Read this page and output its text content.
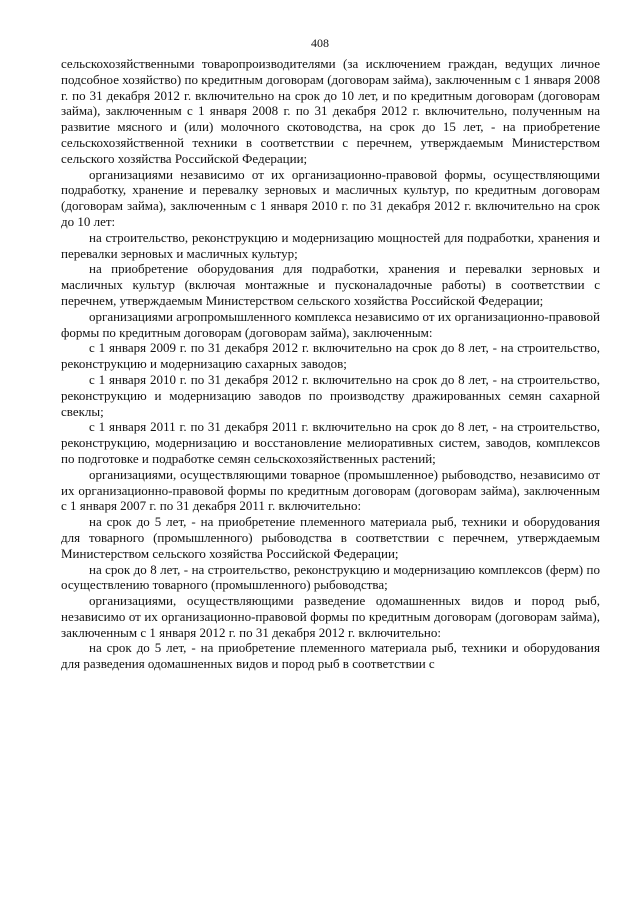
408

сельскохозяйственными товаропроизводителями (за исключением граждан, ведущих личное подсобное хозяйство) по кредитным договорам (договорам займа), заключенным с 1 января 2008 г. по 31 декабря 2012 г. включительно на срок до 10 лет, и по кредитным договорам (договорам займа), заключенным с 1 января 2008 г. по 31 декабря 2012 г. включительно, полученным на развитие мясного и (или) молочного скотоводства, на срок до 15 лет, - на приобретение сельскохозяйственной техники в соответствии с перечнем, утверждаемым Министерством сельского хозяйства Российской Федерации;

организациями независимо от их организационно-правовой формы, осуществляющими подработку, хранение и перевалку зерновых и масличных культур, по кредитным договорам (договорам займа), заключенным с 1 января 2010 г. по 31 декабря 2012 г. включительно на срок до 10 лет:

на строительство, реконструкцию и модернизацию мощностей для подработки, хранения и перевалки зерновых и масличных культур;

на приобретение оборудования для подработки, хранения и перевалки зерновых и масличных культур (включая монтажные и пусконаладочные работы) в соответствии с перечнем, утверждаемым Министерством сельского хозяйства Российской Федерации;

организациями агропромышленного комплекса независимо от их организационно-правовой формы по кредитным договорам (договорам займа), заключенным:

с 1 января 2009 г. по 31 декабря 2012 г. включительно на срок до 8 лет, - на строительство, реконструкцию и модернизацию сахарных заводов;

с 1 января 2010 г. по 31 декабря 2012 г. включительно на срок до 8 лет, - на строительство, реконструкцию и модернизацию заводов по производству дражированных семян сахарной свеклы;

с 1 января 2011 г. по 31 декабря 2011 г. включительно на срок до 8 лет, - на строительство, реконструкцию, модернизацию и восстановление мелиоративных систем, заводов, комплексов по подготовке и подработке семян сельскохозяйственных растений;

организациями, осуществляющими товарное (промышленное) рыбоводство, независимо от их организационно-правовой формы по кредитным договорам (договорам займа), заключенным с 1 января 2007 г. по 31 декабря 2011 г. включительно:

на срок до 5 лет, - на приобретение племенного материала рыб, техники и оборудования для товарного (промышленного) рыбоводства в соответствии с перечнем, утверждаемым Министерством сельского хозяйства Российской Федерации;

на срок до 8 лет, - на строительство, реконструкцию и модернизацию комплексов (ферм) по осуществлению товарного (промышленного) рыбоводства;

организациями, осуществляющими разведение одомашненных видов и пород рыб, независимо от их организационно-правовой формы по кредитным договорам (договорам займа), заключенным с 1 января 2012 г. по 31 декабря 2012 г. включительно:

на срок до 5 лет, - на приобретение племенного материала рыб, техники и оборудования для разведения одомашненных видов и пород рыб в соответствии с
